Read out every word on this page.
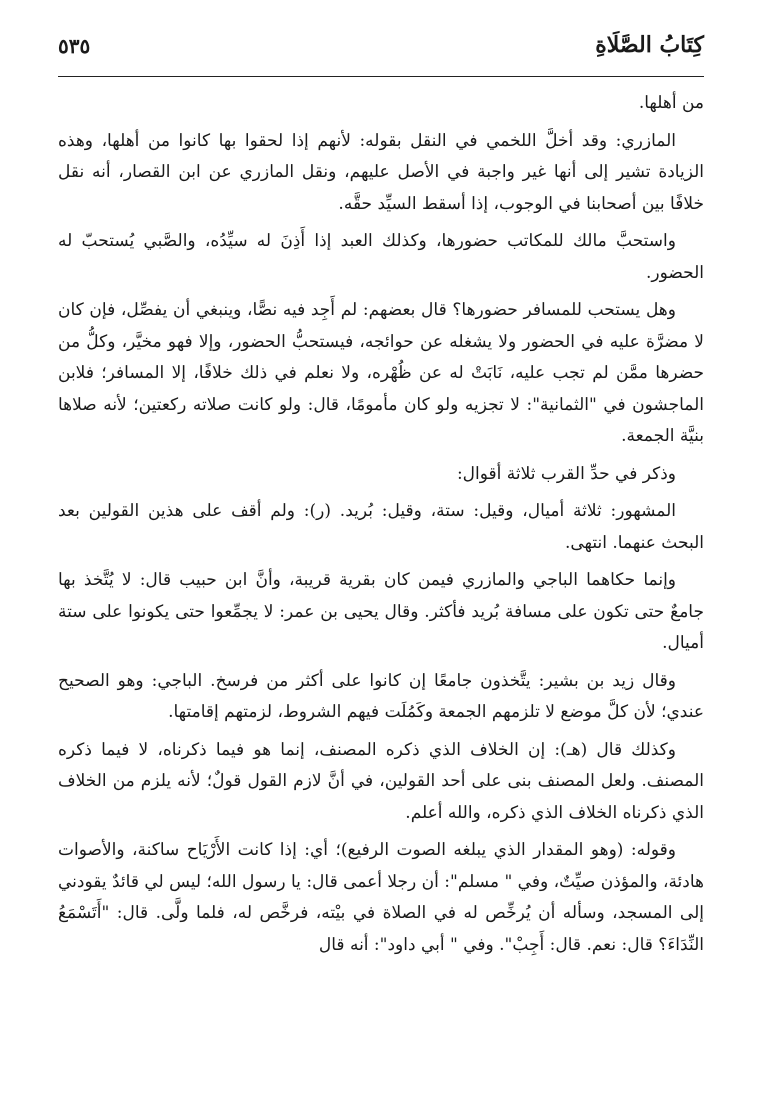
كِتَابُ الصَّلَاةِ
٥٣٥

من أهلها.

المازري: وقد أخلَّ اللخمي في النقل بقوله: لأنهم إذا لحقوا بها كانوا من أهلها، وهذه الزيادة تشير إلى أنها غير واجبة في الأصل عليهم، ونقل المازري عن ابن القصار، أنه نقل خلافًا بين أصحابنا في الوجوب، إذا أسقط السيِّد حقَّه.

واستحبَّ مالك للمكاتب حضورها، وكذلك العبد إذا أَذِنَ له سيِّدُه، والصَّبي يُستحبّ له الحضور.

وهل يستحب للمسافر حضورها؟ قال بعضهم: لم أَجِد فيه نصًّا، وينبغي أن يفصِّل، فإن كان لا مضرَّة عليه في الحضور ولا يشغله عن حوائجه، فيستحبُّ الحضور، وإلا فهو مخيَّر، وكلُّ من حضرها ممَّن لم تجب عليه، نَابَتْ له عن ظُهْره، ولا نعلم في ذلك خلافًا، إلا المسافر؛ فلابن الماجشون في "الثمانية": لا تجزيه ولو كان مأمومًا، قال: ولو كانت صلاته ركعتين؛ لأنه صلاها بنيَّة الجمعة.

وذكر في حدِّ القرب ثلاثة أقوال:

المشهور: ثلاثة أميال، وقيل: ستة، وقيل: بُريد. (ر): ولم أقف على هذين القولين بعد البحث عنهما. انتهى.

وإنما حكاهما الباجي والمازري فيمن كان بقرية قريبة، وأنَّ ابن حبيب قال: لا يُتَّخذ بها جامعٌ حتى تكون على مسافة بُريد فأكثر. وقال يحيى بن عمر: لا يجمِّعوا حتى يكونوا على ستة أميال.

وقال زيد بن بشير: يتَّخذون جامعًا إن كانوا على أكثر من فرسخ. الباجي: وهو الصحيح عندي؛ لأن كلَّ موضع لا تلزمهم الجمعة وكَمُلَت فيهم الشروط، لزمتهم إقامتها.

وكذلك قال (هـ): إن الخلاف الذي ذكره المصنف، إنما هو فيما ذكرناه، لا فيما ذكره المصنف. ولعل المصنف بنى على أحد القولين، في أنَّ لازم القول قولٌ؛ لأنه يلزم من الخلاف الذي ذكرناه الخلاف الذي ذكره، والله أعلم.

وقوله: (وهو المقدار الذي يبلغه الصوت الرفيع)؛ أي: إذا كانت الأَرْيَاح ساكنة، والأصوات هادئة، والمؤذن صيِّتٌ، وفي " مسلم": أن رجلا أعمى قال: يا رسول الله؛ ليس لي قائدٌ يقودني إلى المسجد، وسأله أن يُرخِّص له في الصلاة في بيْته، فرخَّص له، فلما ولَّى. قال: "أَتَسْمَعُ النِّدَاءَ؟ قال: نعم. قال: أَجِبْ". وفي " أبي داود": أنه قال
